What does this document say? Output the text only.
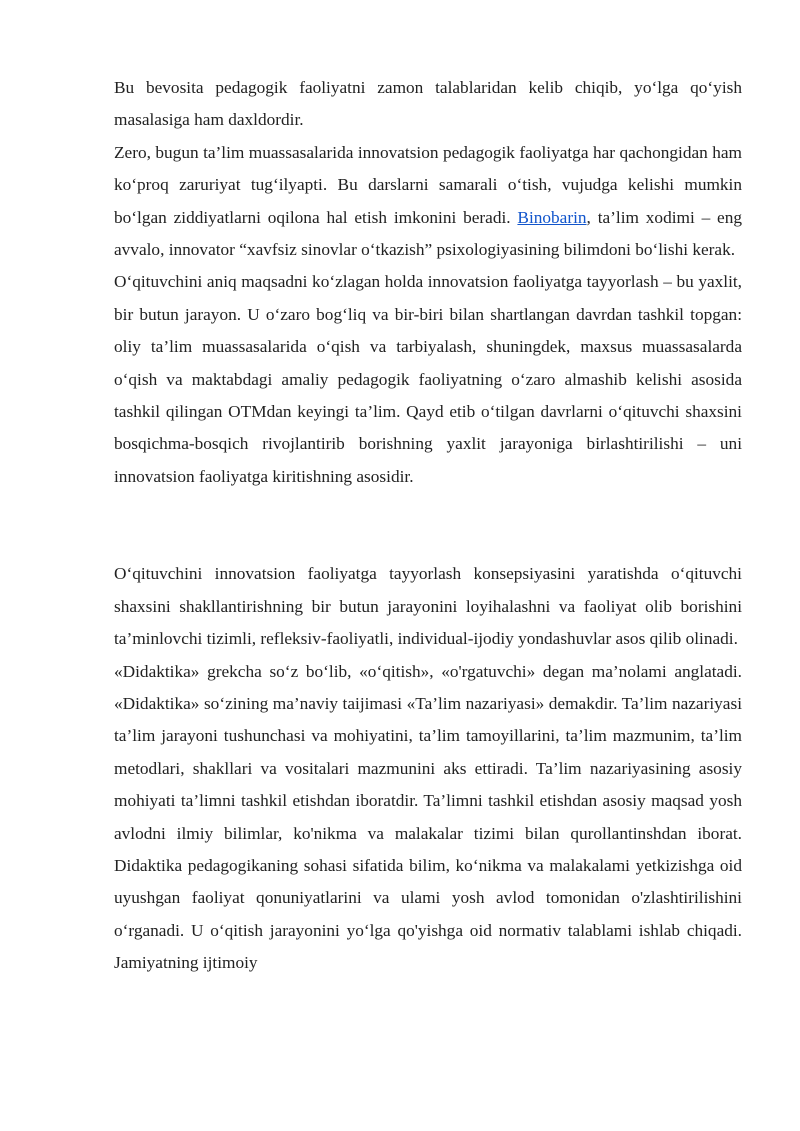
Bu bevosita pedagogik faoliyatni zamon talablaridan kelib chiqib, yo‘lga qo‘yish masalasiga ham daxldordir.

Zero, bugun ta’lim muassasalarida innovatsion pedagogik faoliyatga har qachongidan ham ko‘proq zaruriyat tug‘ilyapti. Bu darslarni samarali o‘tish, vujudga kelishi mumkin bo‘lgan ziddiyatlarni oqilona hal etish imkonini beradi. Binobarin, ta’lim xodimi – eng avvalo, innovator “xavfsiz sinovlar o‘tkazish” psixologiyasining bilimdoni bo‘lishi kerak.

O‘qituvchini aniq maqsadni ko‘zlagan holda innovatsion faoliyatga tayyorlash – bu yaxlit, bir butun jarayon. U o‘zaro bog‘liq va bir-biri bilan shartlangan davrdan tashkil topgan: oliy ta’lim muassasalarida o‘qish va tarbiyalash, shuningdek, maxsus muassasalarda o‘qish va maktabdagi amaliy pedagogik faoliyatning o‘zaro almashib kelishi asosida tashkil qilingan OTMdan keyingi ta’lim. Qayd etib o‘tilgan davrlarni o‘qituvchi shaxsini bosqichma-bosqich rivojlantirib borishning yaxlit jarayoniga birlashtirilishi – uni innovatsion faoliyatga kiritishning asosidir.

O‘qituvchini innovatsion faoliyatga tayyorlash konsepsiyasini yaratishda o‘qituvchi shaxsini shakllantirishning bir butun jarayonini loyihalashni va faoliyat olib borishini ta’minlovchi tizimli, refleksiv-faoliyatli, individual-ijodiy yondashuvlar asos qilib olinadi.

«Didaktika» grekcha so‘z bo‘lib, «o‘qitish», «o'rgatuvchi» degan ma’nolami anglatadi. «Didaktika» so‘zining ma’naviy taijimasi «Ta’lim nazariyasi» demakdir. Ta’lim nazariyasi ta’lim jarayoni tushunchasi va mohiyatini, ta’lim tamoyillarini, ta’lim mazmunim, ta’lim metodlari, shakllari va vositalari mazmunini aks ettiradi. Ta’lim nazariyasining asosiy mohiyati ta’limni tashkil etishdan iboratdir. Ta’limni tashkil etishdan asosiy maqsad yosh avlodni ilmiy bilimlar, ko'nikma va malakalar tizimi bilan qurollantinshdan iborat. Didaktika pedagogikaning sohasi sifatida bilim, ko‘nikma va malakalami yetkizishga oid uyushgan faoliyat qonuniyatlarini va ulami yosh avlod tomonidan o'zlashtirilishini o‘rganadi. U o‘qitish jarayonini yo‘lga qo'yishga oid normativ talablami ishlab chiqadi. Jamiyatning ijtimoiy
